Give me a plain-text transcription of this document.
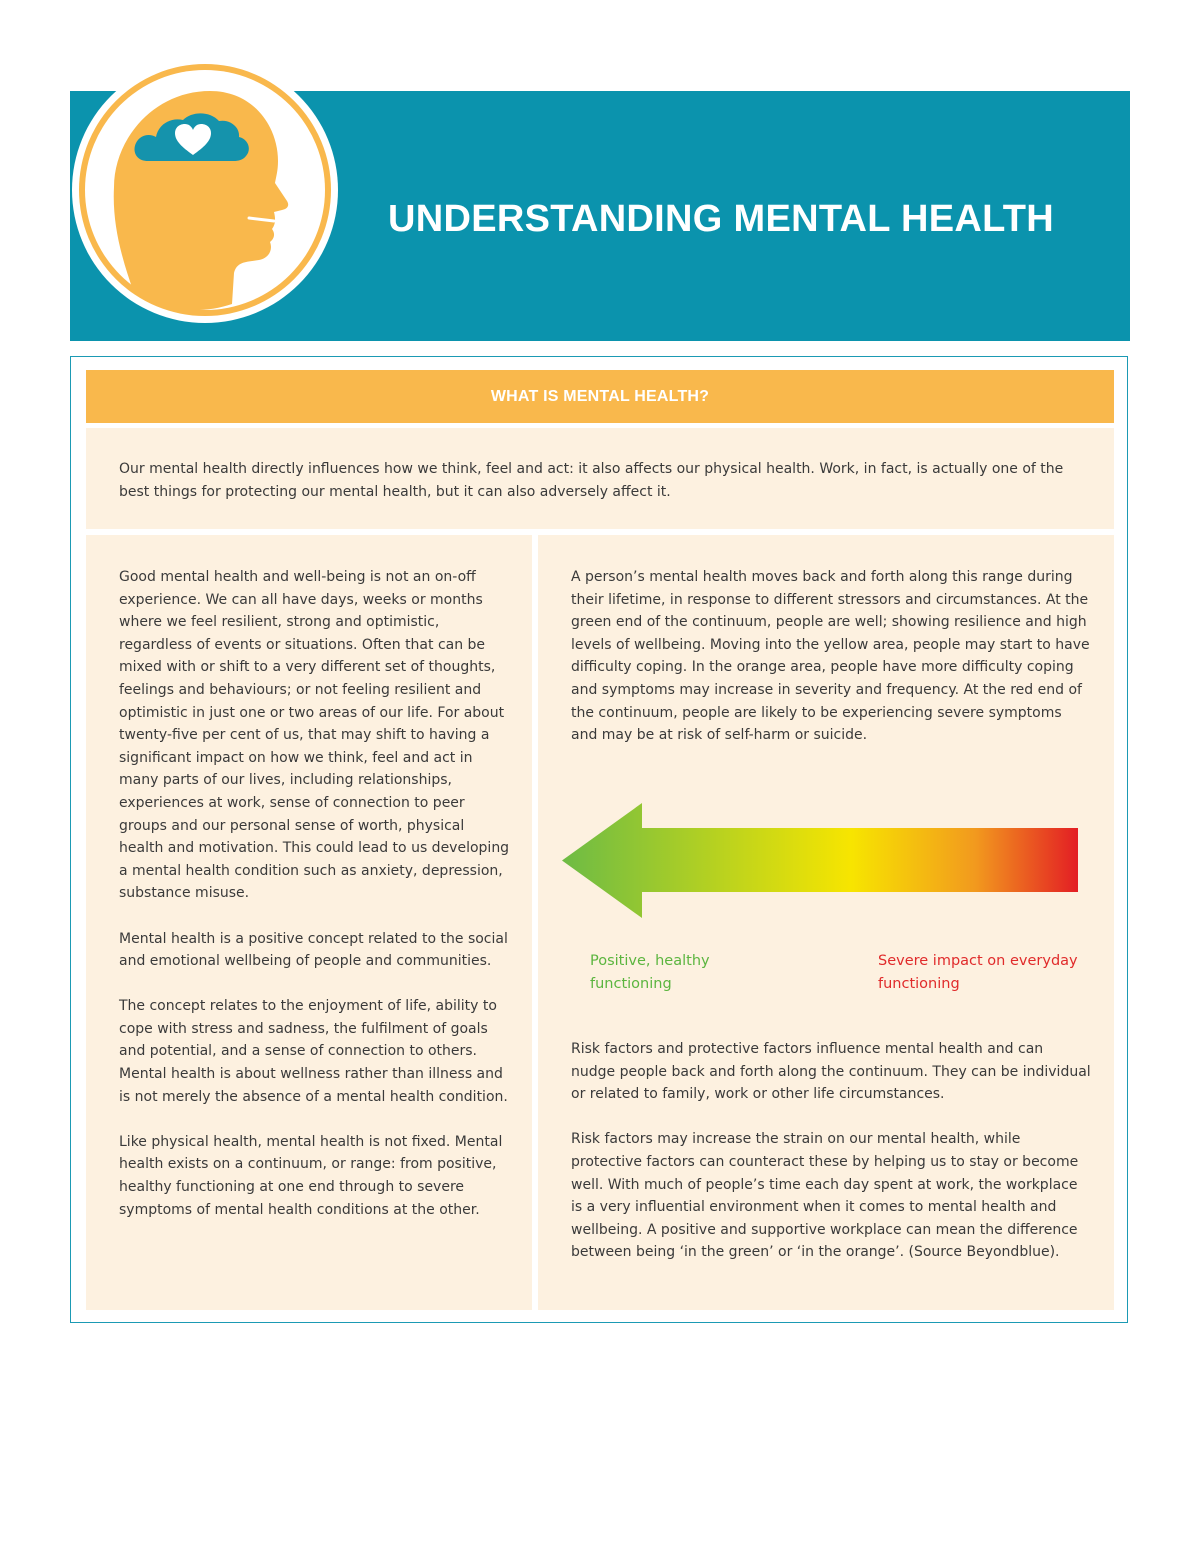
UNDERSTANDING MENTAL HEALTH
WHAT IS MENTAL HEALTH?

Our mental health directly influences how we think, feel and act: it also affects our physical health. Work, in fact, is actually one of the best things for protecting our mental health, but it can also adversely affect it.

Good mental health and well-being is not an on-off experience. We can all have days, weeks or months where we feel resilient, strong and optimistic, regardless of events or situations. Often that can be mixed with or shift to a very different set of thoughts, feelings and behaviours; or not feeling resilient and optimistic in just one or two areas of our life. For about twenty-five per cent of us, that may shift to having a significant impact on how we think, feel and act in many parts of our lives, including relationships, experiences at work, sense of connection to peer groups and our personal sense of worth, physical health and motivation. This could lead to us developing a mental health condition such as anxiety, depression, substance misuse.

Mental health is a positive concept related to the social and emotional wellbeing of people and communities.

The concept relates to the enjoyment of life, ability to cope with stress and sadness, the fulfilment of goals and potential, and a sense of connection to others. Mental health is about wellness rather than illness and is not merely the absence of a mental health condition.

Like physical health, mental health is not fixed. Mental health exists on a continuum, or range: from positive, healthy functioning at one end through to severe symptoms of mental health conditions at the other.

A person’s mental health moves back and forth along this range during their lifetime, in response to different stressors and circumstances. At the green end of the continuum, people are well; showing resilience and high levels of wellbeing. Moving into the yellow area, people may start to have difficulty coping. In the orange area, people have more difficulty coping and symptoms may increase in severity and frequency. At the red end of the continuum, people are likely to be experiencing severe symptoms and may be at risk of self-harm or suicide.

Positive, healthy functioning
Severe impact on everyday functioning

Risk factors and protective factors influence mental health and can nudge people back and forth along the continuum. They can be individual or related to family, work or other life circumstances.

Risk factors may increase the strain on our mental health, while protective factors can counteract these by helping us to stay or become well. With much of people’s time each day spent at work, the workplace is a very influential environment when it comes to mental health and wellbeing. A positive and supportive workplace can mean the difference between being ‘in the green’ or ‘in the orange’. (Source Beyondblue).
